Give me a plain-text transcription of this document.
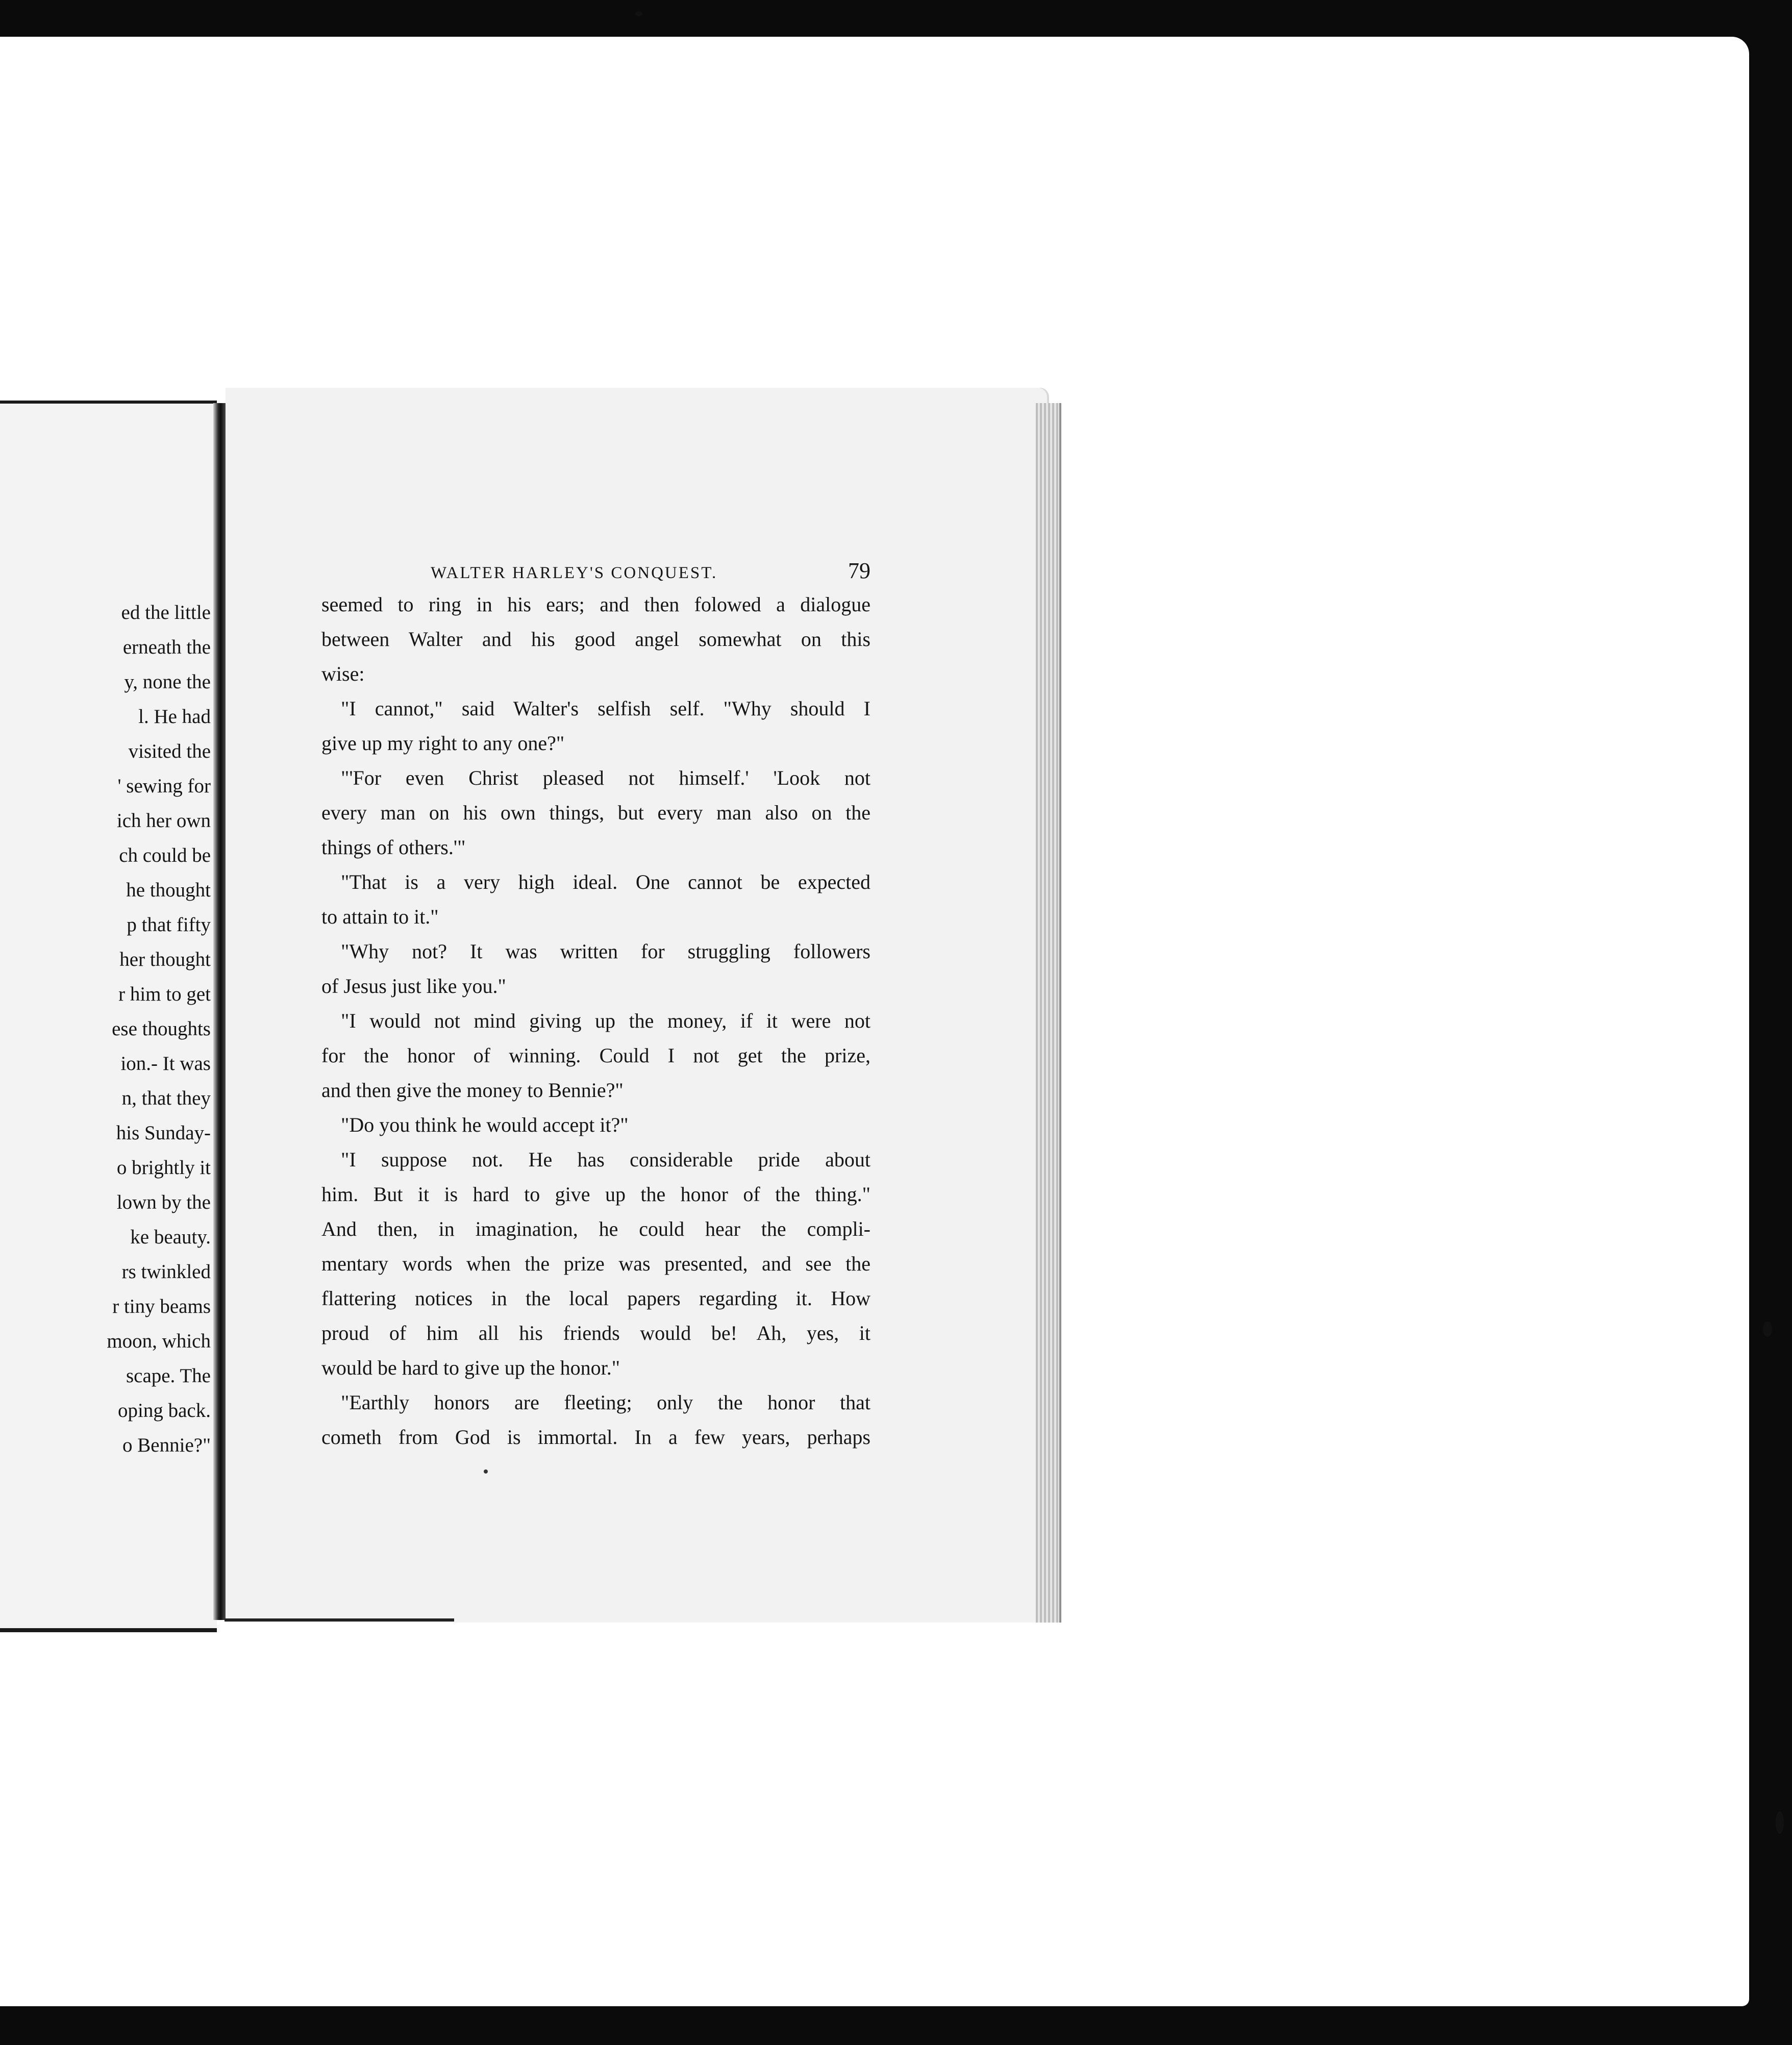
ed the little
erneath the
y, none the
l. He had
visited the
' sewing for
ich her own
ch could be
he thought
p that fifty
her thought
r him to get
ese thoughts
ion.- It was
n, that they
his Sunday-
o brightly it
lown by the
ke beauty.
rs twinkled
r tiny beams
moon, which
scape. The
oping back.
o Bennie?"
WALTER HARLEY'S CONQUEST.	79
seemed to ring in his ears; and then folowed a dialogue
between Walter and his good angel somewhat on this
wise:
"I cannot," said Walter's selfish self. "Why should I
give up my right to any one?"
"'For even Christ pleased not himself.' 'Look not
every man on his own things, but every man also on the
things of others.'"
"That is a very high ideal. One cannot be expected
to attain to it."
"Why not? It was written for struggling followers
of Jesus just like you."
"I would not mind giving up the money, if it were not
for the honor of winning. Could I not get the prize,
and then give the money to Bennie?"
"Do you think he would accept it?"
"I suppose not. He has considerable pride about
him. But it is hard to give up the honor of the thing."
And then, in imagination, he could hear the compli-
mentary words when the prize was presented, and see the
flattering notices in the local papers regarding it. How
proud of him all his friends would be! Ah, yes, it
would be hard to give up the honor."
"Earthly honors are fleeting; only the honor that
cometh from God is immortal. In a few years, perhaps
